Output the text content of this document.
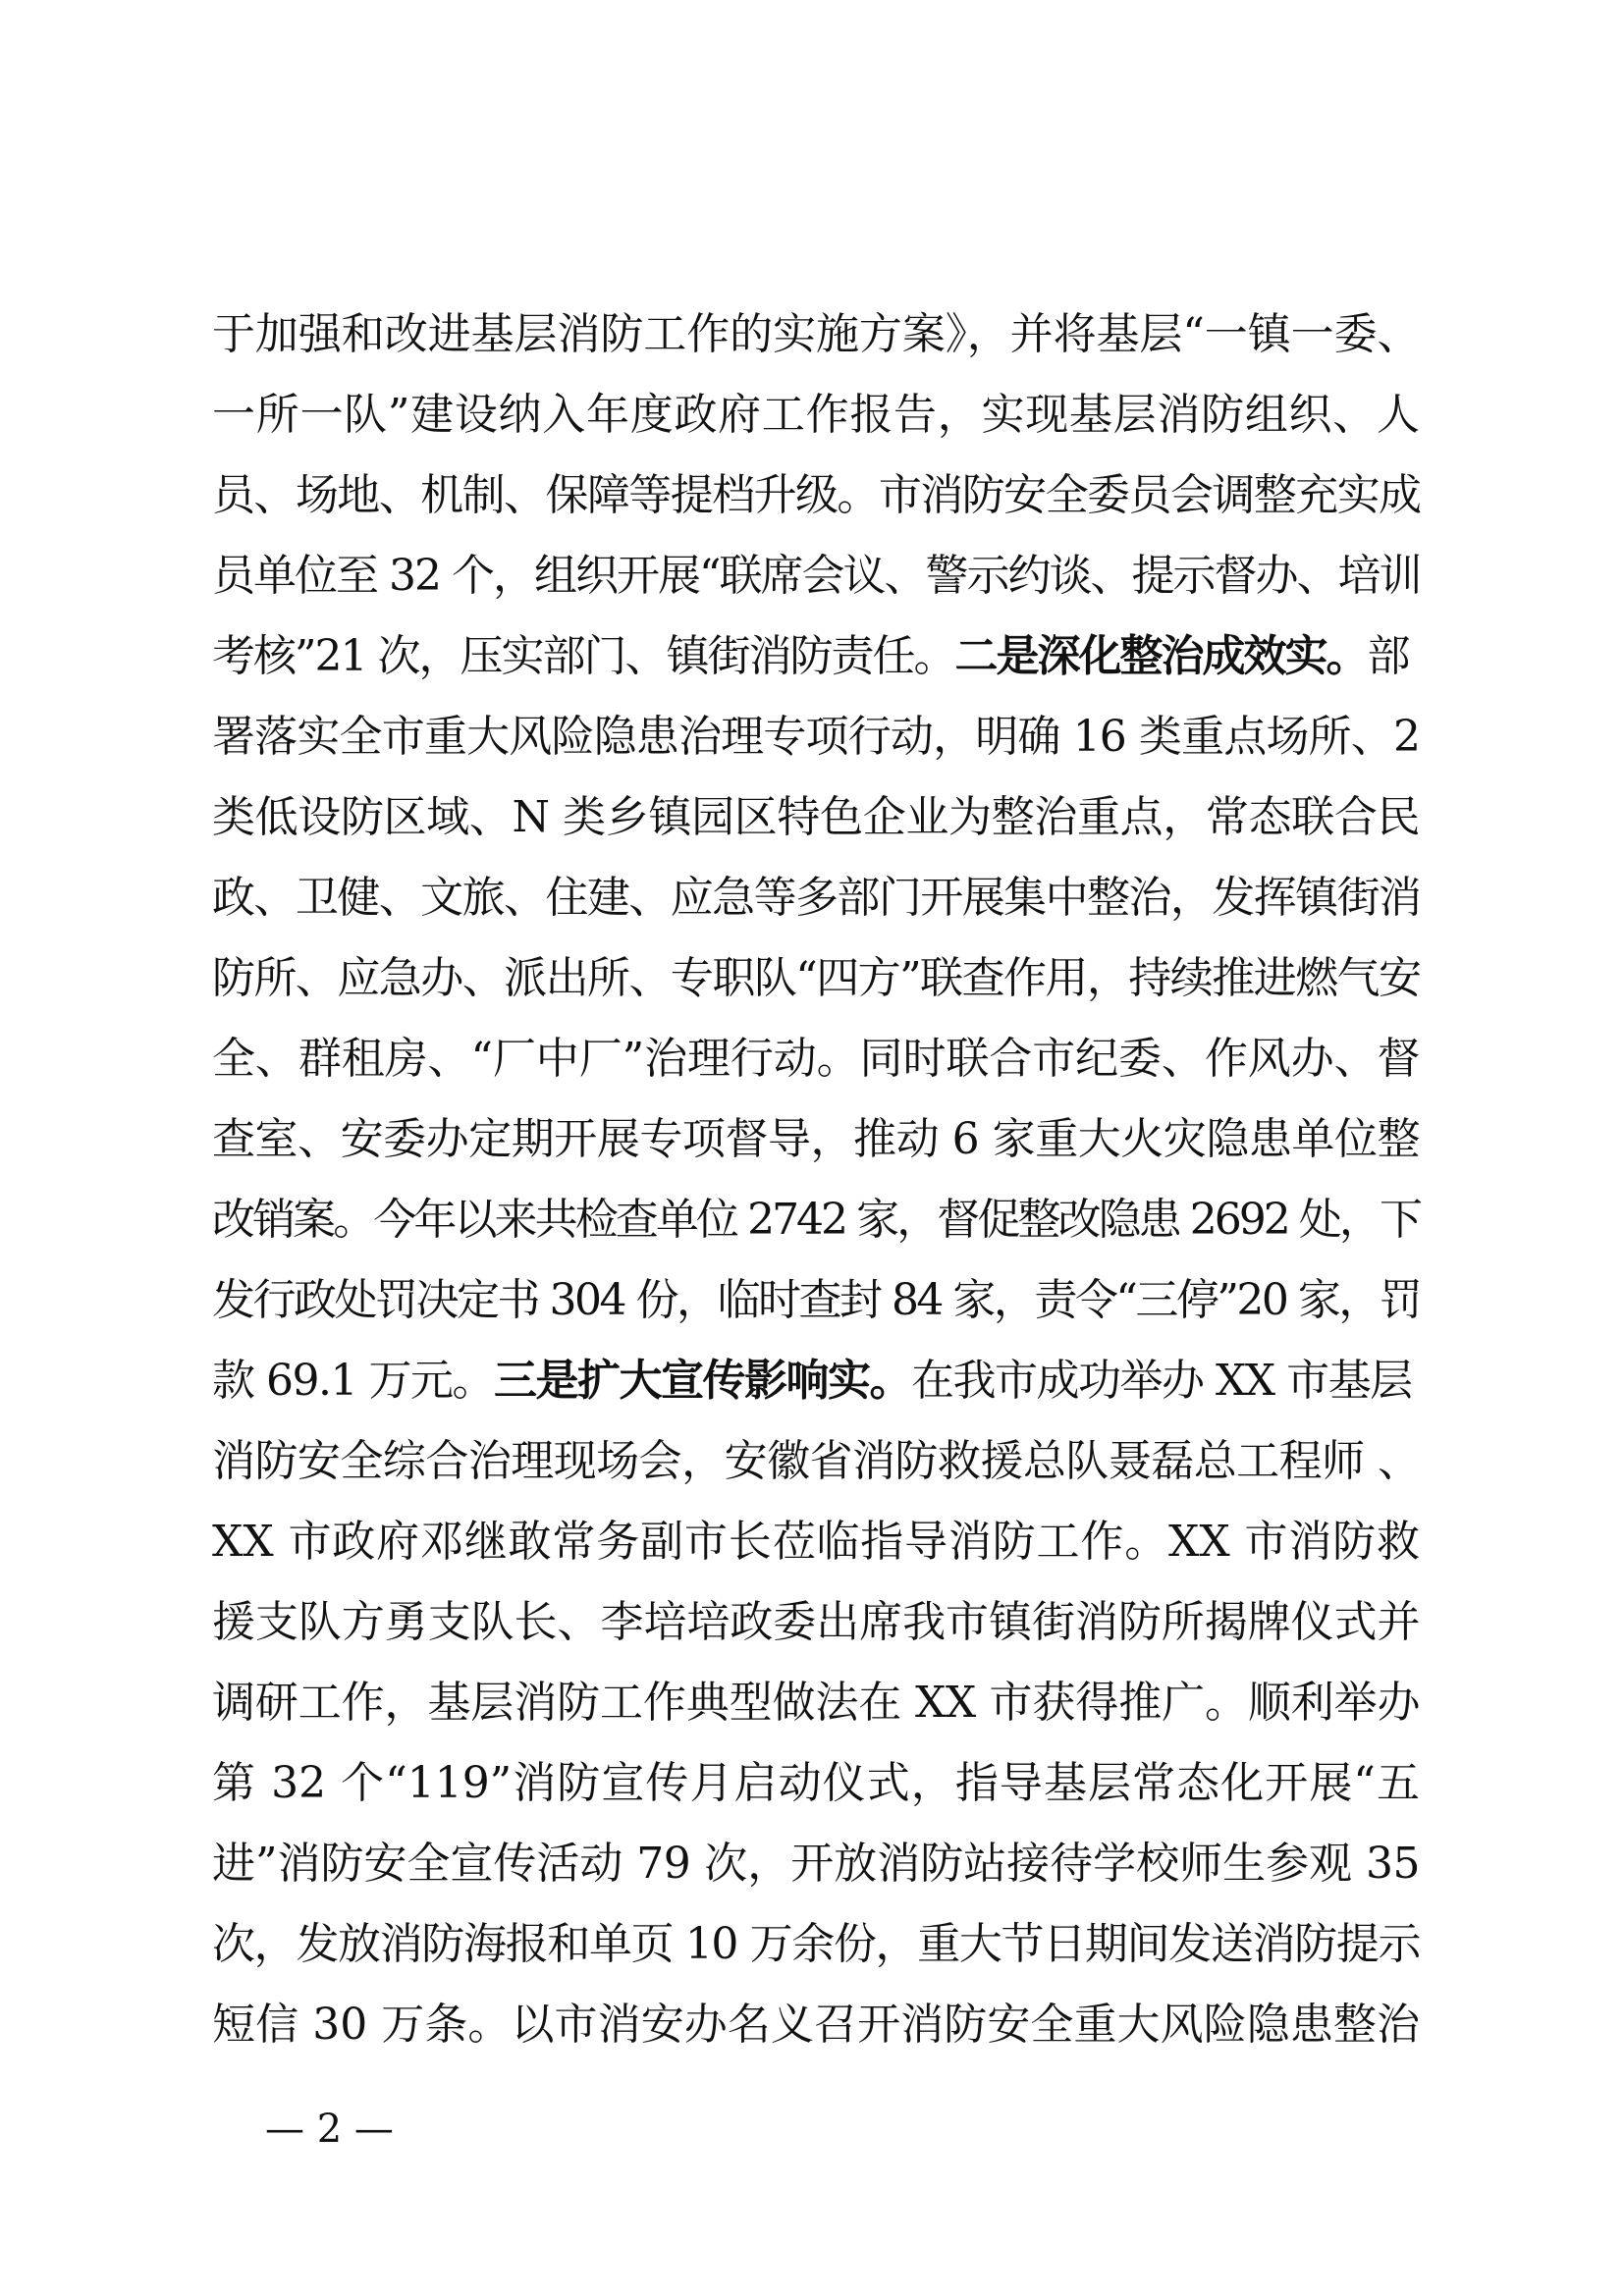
于加强和改进基层消防工作的实施方案》，并将基层“一镇一委、
一所一队”建设纳入年度政府工作报告，实现基层消防组织、人
员、场地、机制、保障等提档升级。市消防安全委员会调整充实成
员单位至 32 个，组织开展“联席会议、警示约谈、提示督办、培训
考核”21 次，压实部门、镇街消防责任。二是深化整治成效实。部
署落实全市重大风险隐患治理专项行动，明确 16 类重点场所、2
类低设防区域、N 类乡镇园区特色企业为整治重点，常态联合民
政、卫健、文旅、住建、应急等多部门开展集中整治，发挥镇街消
防所、应急办、派出所、专职队“四方”联查作用，持续推进燃气安
全、群租房、“厂中厂”治理行动。同时联合市纪委、作风办、督
查室、安委办定期开展专项督导，推动 6 家重大火灾隐患单位整
改销案。今年以来共检查单位 2742 家，督促整改隐患 2692 处，下
发行政处罚决定书 304 份，临时查封 84 家，责令“三停”20 家，罚
款 69.1 万元。三是扩大宣传影响实。在我市成功举办 XX 市基层
消防安全综合治理现场会，安徽省消防救援总队聂磊总工程师 、
XX 市政府邓继敢常务副市长莅临指导消防工作。XX 市消防救
援支队方勇支队长、李培培政委出席我市镇街消防所揭牌仪式并
调研工作，基层消防工作典型做法在 XX 市获得推广。顺利举办
第 32 个“119”消防宣传月启动仪式，指导基层常态化开展“五
进”消防安全宣传活动 79 次，开放消防站接待学校师生参观 35
次，发放消防海报和单页 10 万余份，重大节日期间发送消防提示
短信 30 万条。以市消安办名义召开消防安全重大风险隐患整治
— 2 —
